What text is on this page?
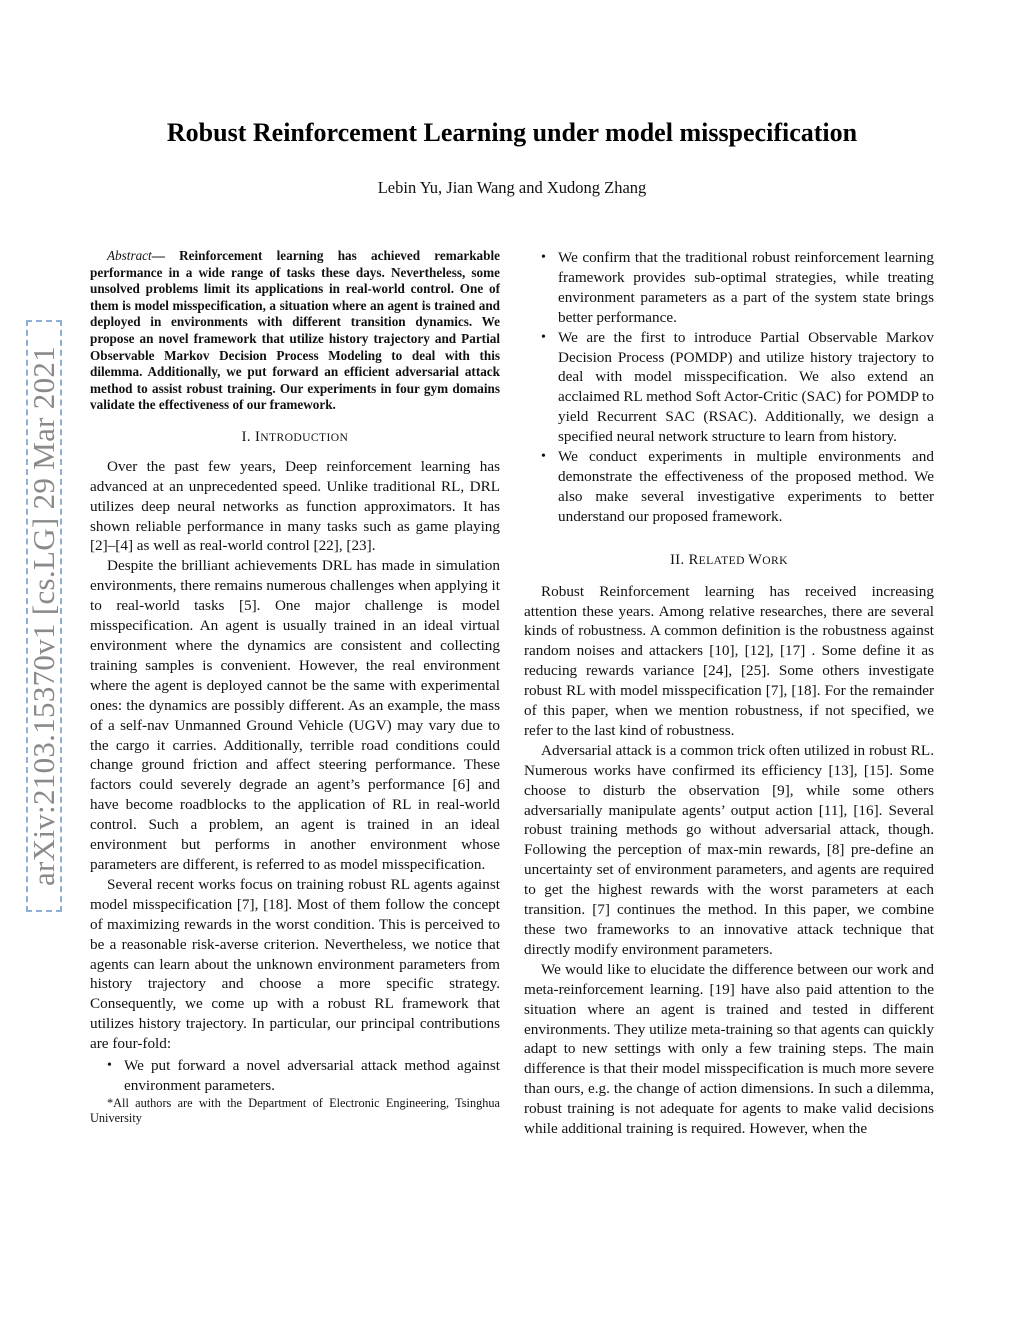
arXiv:2103.15370v1 [cs.LG] 29 Mar 2021
Robust Reinforcement Learning under model misspecification
Lebin Yu, Jian Wang and Xudong Zhang

Abstract— Reinforcement learning has achieved remarkable performance in a wide range of tasks these days. Nevertheless, some unsolved problems limit its applications in real-world control. One of them is model misspecification, a situation where an agent is trained and deployed in environments with different transition dynamics. We propose an novel framework that utilize history trajectory and Partial Observable Markov Decision Process Modeling to deal with this dilemma. Additionally, we put forward an efficient adversarial attack method to assist robust training. Our experiments in four gym domains validate the effectiveness of our framework.

I. INTRODUCTION

Over the past few years, Deep reinforcement learning has advanced at an unprecedented speed. Unlike traditional RL, DRL utilizes deep neural networks as function approximators. It has shown reliable performance in many tasks such as game playing [2]–[4] as well as real-world control [22], [23].

Despite the brilliant achievements DRL has made in simulation environments, there remains numerous challenges when applying it to real-world tasks [5]. One major challenge is model misspecification. An agent is usually trained in an ideal virtual environment where the dynamics are consistent and collecting training samples is convenient. However, the real environment where the agent is deployed cannot be the same with experimental ones: the dynamics are possibly different. As an example, the mass of a self-nav Unmanned Ground Vehicle (UGV) may vary due to the cargo it carries. Additionally, terrible road conditions could change ground friction and affect steering performance. These factors could severely degrade an agent’s performance [6] and have become roadblocks to the application of RL in real-world control. Such a problem, an agent is trained in an ideal environment but performs in another environment whose parameters are different, is referred to as model misspecification.

Several recent works focus on training robust RL agents against model misspecification [7], [18]. Most of them follow the concept of maximizing rewards in the worst condition. This is perceived to be a reasonable risk-averse criterion. Nevertheless, we notice that agents can learn about the unknown environment parameters from history trajectory and choose a more specific strategy. Consequently, we come up with a robust RL framework that utilizes history trajectory. In particular, our principal contributions are four-fold:

• We put forward a novel adversarial attack method against environment parameters.

*All authors are with the Department of Electronic Engineering, Tsinghua University

• We confirm that the traditional robust reinforcement learning framework provides sub-optimal strategies, while treating environment parameters as a part of the system state brings better performance.
• We are the first to introduce Partial Observable Markov Decision Process (POMDP) and utilize history trajectory to deal with model misspecification. We also extend an acclaimed RL method Soft Actor-Critic (SAC) for POMDP to yield Recurrent SAC (RSAC). Additionally, we design a specified neural network structure to learn from history.
• We conduct experiments in multiple environments and demonstrate the effectiveness of the proposed method. We also make several investigative experiments to better understand our proposed framework.
II. RELATED WORK

Robust Reinforcement learning has received increasing attention these years. Among relative researches, there are several kinds of robustness. A common definition is the robustness against random noises and attackers [10], [12], [17] . Some define it as reducing rewards variance [24], [25]. Some others investigate robust RL with model misspecification [7], [18]. For the remainder of this paper, when we mention robustness, if not specified, we refer to the last kind of robustness.

Adversarial attack is a common trick often utilized in robust RL. Numerous works have confirmed its efficiency [13], [15]. Some choose to disturb the observation [9], while some others adversarially manipulate agents’ output action [11], [16]. Several robust training methods go without adversarial attack, though. Following the perception of max-min rewards, [8] pre-define an uncertainty set of environment parameters, and agents are required to get the highest rewards with the worst parameters at each transition. [7] continues the method. In this paper, we combine these two frameworks to an innovative attack technique that directly modify environment parameters.

We would like to elucidate the difference between our work and meta-reinforcement learning. [19] have also paid attention to the situation where an agent is trained and tested in different environments. They utilize meta-training so that agents can quickly adapt to new settings with only a few training steps. The main difference is that their model misspecification is much more severe than ours, e.g. the change of action dimensions. In such a dilemma, robust training is not adequate for agents to make valid decisions while additional training is required. However, when the
